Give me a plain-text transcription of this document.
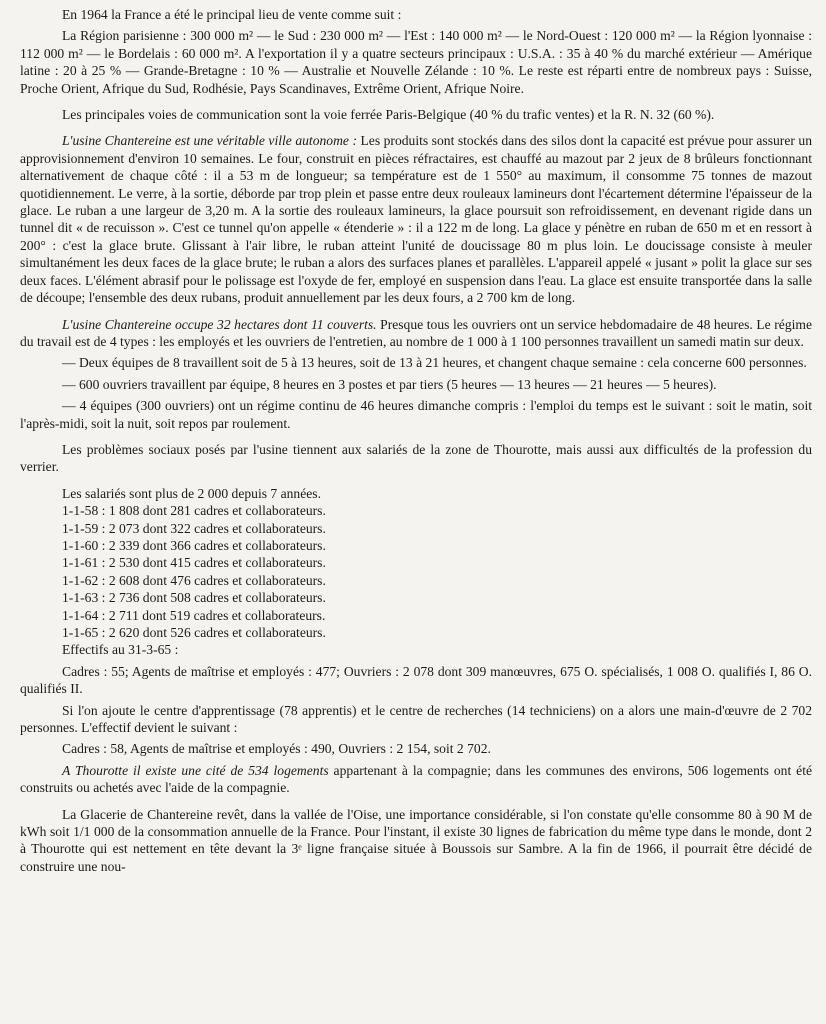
En 1964 la France a été le principal lieu de vente comme suit :

La Région parisienne : 300 000 m² — le Sud : 230 000 m² — l'Est : 140 000 m² — le Nord-Ouest : 120 000 m² — la Région lyonnaise : 112 000 m² — le Bordelais : 60 000 m². A l'exportation il y a quatre secteurs principaux : U.S.A. : 35 à 40 % du marché extérieur — Amérique latine : 20 à 25 % — Grande-Bretagne : 10 % — Australie et Nouvelle Zélande : 10 %. Le reste est réparti entre de nombreux pays : Suisse, Proche Orient, Afrique du Sud, Rodhésie, Pays Scandinaves, Extrême Orient, Afrique Noire.

Les principales voies de communication sont la voie ferrée Paris-Belgique (40 % du trafic ventes) et la R. N. 32 (60 %).

L'usine Chantereine est une véritable ville autonome : Les produits sont stockés dans des silos dont la capacité est prévue pour assurer un approvisionnement d'environ 10 semaines. Le four, construit en pièces réfractaires, est chauffé au mazout par 2 jeux de 8 brûleurs fonctionnant alternativement de chaque côté : il a 53 m de longueur; sa température est de 1 550° au maximum, il consomme 75 tonnes de mazout quotidiennement. Le verre, à la sortie, déborde par trop plein et passe entre deux rouleaux lamineurs dont l'écartement détermine l'épaisseur de la glace. Le ruban a une largeur de 3,20 m. A la sortie des rouleaux lamineurs, la glace poursuit son refroidissement, en devenant rigide dans un tunnel dit « de recuisson ». C'est ce tunnel qu'on appelle « étenderie » : il a 122 m de long. La glace y pénètre en ruban de 650 m et en ressort à 200° : c'est la glace brute. Glissant à l'air libre, le ruban atteint l'unité de doucissage 80 m plus loin. Le doucissage consiste à meuler simultanément les deux faces de la glace brute; le ruban a alors des surfaces planes et parallèles. L'appareil appelé « jusant » polit la glace sur ses deux faces. L'élément abrasif pour le polissage est l'oxyde de fer, employé en suspension dans l'eau. La glace est ensuite transportée dans la salle de découpe; l'ensemble des deux rubans, produit annuellement par les deux fours, a 2 700 km de long.

L'usine Chantereine occupe 32 hectares dont 11 couverts. Presque tous les ouvriers ont un service hebdomadaire de 48 heures. Le régime du travail est de 4 types : les employés et les ouvriers de l'entretien, au nombre de 1 000 à 1 100 personnes travaillent un samedi matin sur deux.

— Deux équipes de 8 travaillent soit de 5 à 13 heures, soit de 13 à 21 heures, et changent chaque semaine : cela concerne 600 personnes.

— 600 ouvriers travaillent par équipe, 8 heures en 3 postes et par tiers (5 heures — 13 heures — 21 heures — 5 heures).

— 4 équipes (300 ouvriers) ont un régime continu de 46 heures dimanche compris : l'emploi du temps est le suivant : soit le matin, soit l'après-midi, soit la nuit, soit repos par roulement.

Les problèmes sociaux posés par l'usine tiennent aux salariés de la zone de Thourotte, mais aussi aux difficultés de la profession du verrier.

Les salariés sont plus de 2 000 depuis 7 années.

1-1-58 : 1 808 dont 281 cadres et collaborateurs.
1-1-59 : 2 073 dont 322 cadres et collaborateurs.
1-1-60 : 2 339 dont 366 cadres et collaborateurs.
1-1-61 : 2 530 dont 415 cadres et collaborateurs.
1-1-62 : 2 608 dont 476 cadres et collaborateurs.
1-1-63 : 2 736 dont 508 cadres et collaborateurs.
1-1-64 : 2 711 dont 519 cadres et collaborateurs.
1-1-65 : 2 620 dont 526 cadres et collaborateurs.

Effectifs au 31-3-65 :

Cadres : 55; Agents de maîtrise et employés : 477; Ouvriers : 2 078 dont 309 manœuvres, 675 O. spécialisés, 1 008 O. qualifiés I, 86 O. qualifiés II.

Si l'on ajoute le centre d'apprentissage (78 apprentis) et le centre de recherches (14 techniciens) on a alors une main-d'œuvre de 2 702 personnes. L'effectif devient le suivant :

Cadres : 58, Agents de maîtrise et employés : 490, Ouvriers : 2 154, soit 2 702.

A Thourotte il existe une cité de 534 logements appartenant à la compagnie; dans les communes des environs, 506 logements ont été construits ou achetés avec l'aide de la compagnie.

La Glacerie de Chantereine revêt, dans la vallée de l'Oise, une importance considérable, si l'on constate qu'elle consomme 80 à 90 M de kWh soit 1/1 000 de la consommation annuelle de la France. Pour l'instant, il existe 30 lignes de fabrication du même type dans le monde, dont 2 à Thourotte qui est nettement en tête devant la 3ᵉ ligne française située à Boussois sur Sambre. A la fin de 1966, il pourrait être décidé de construire une nou-
